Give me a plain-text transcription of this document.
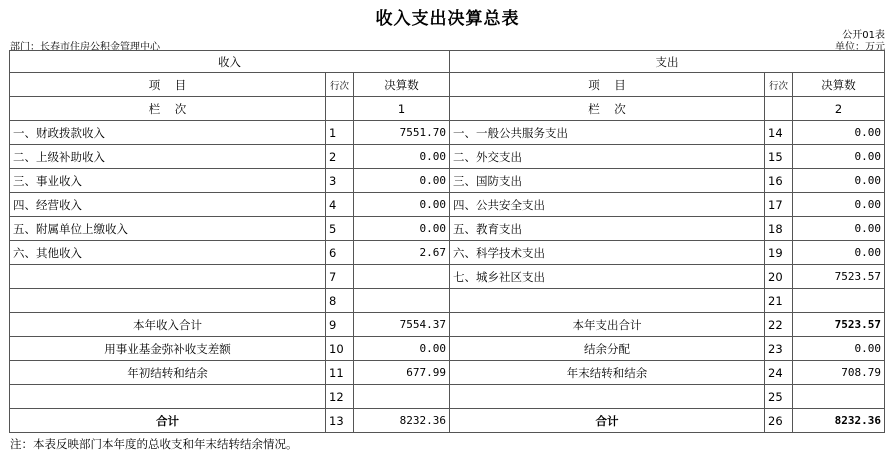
收入支出决算总表
公开01表
部门：长春市住房公积金管理中心	单位：万元
收入			支出		
项    目	行次	决算数	项    目	行次	决算数
栏    次		1	栏    次		2
一、财政拨款收入	1	7551.70	一、一般公共服务支出	14	0.00
二、上级补助收入	2	0.00	二、外交支出	15	0.00
三、事业收入	3	0.00	三、国防支出	16	0.00
四、经营收入	4	0.00	四、公共安全支出	17	0.00
五、附属单位上缴收入	5	0.00	五、教育支出	18	0.00
六、其他收入	6	2.67	六、科学技术支出	19	0.00
	7		七、城乡社区支出	20	7523.57
	8			21	
本年收入合计	9	7554.37	本年支出合计	22	7523.57
用事业基金弥补收支差额	10	0.00	结余分配	23	0.00
年初结转和结余	11	677.99	年末结转和结余	24	708.79
	12			25	
合计	13	8232.36	合计	26	8232.36
注：本表反映部门本年度的总收支和年末结转结余情况。
